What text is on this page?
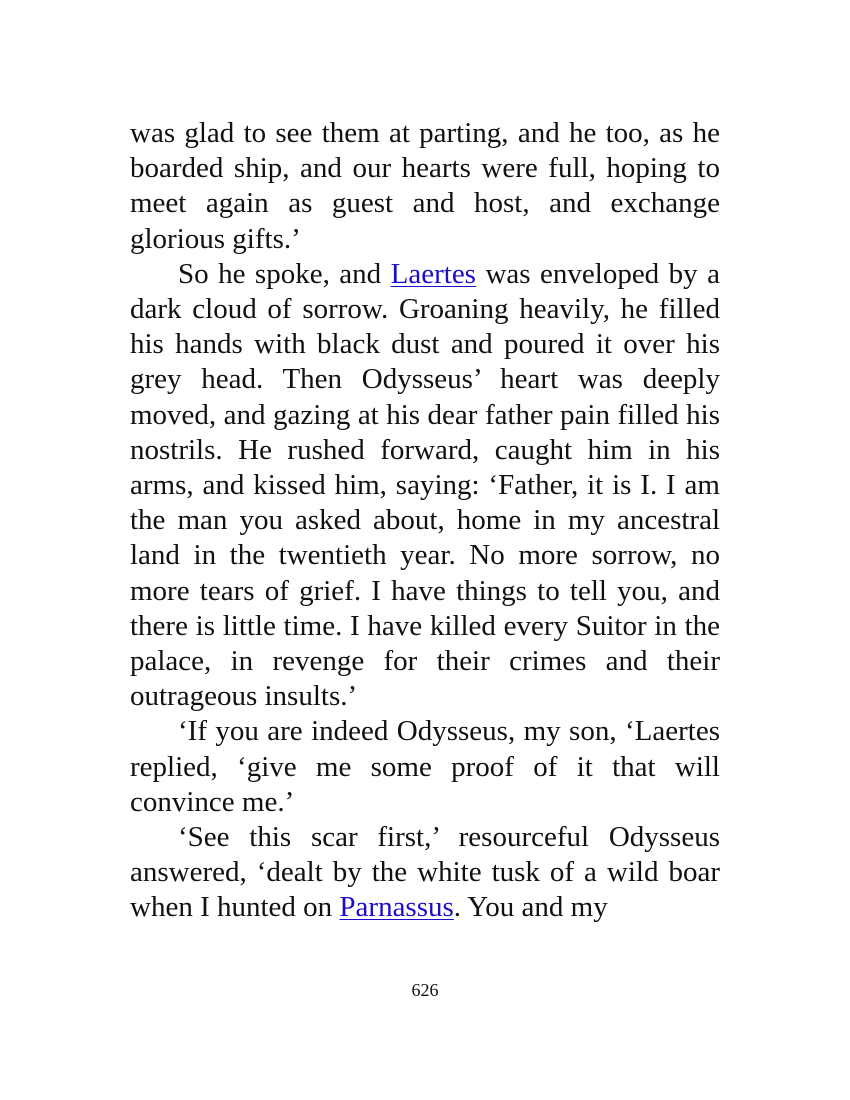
was glad to see them at parting, and he too, as he boarded ship, and our hearts were full, hoping to meet again as guest and host, and exchange glorious gifts.’

So he spoke, and Laertes was enveloped by a dark cloud of sorrow. Groaning heavily, he filled his hands with black dust and poured it over his grey head. Then Odysseus’ heart was deeply moved, and gazing at his dear father pain filled his nostrils. He rushed forward, caught him in his arms, and kissed him, saying: ‘Father, it is I. I am the man you asked about, home in my ancestral land in the twentieth year. No more sorrow, no more tears of grief. I have things to tell you, and there is little time. I have killed every Suitor in the palace, in revenge for their crimes and their outrageous insults.’

‘If you are indeed Odysseus, my son, ‘Laertes replied, ‘give me some proof of it that will convince me.’

‘See this scar first,’ resourceful Odysseus answered, ‘dealt by the white tusk of a wild boar when I hunted on Parnassus. You and my

626
